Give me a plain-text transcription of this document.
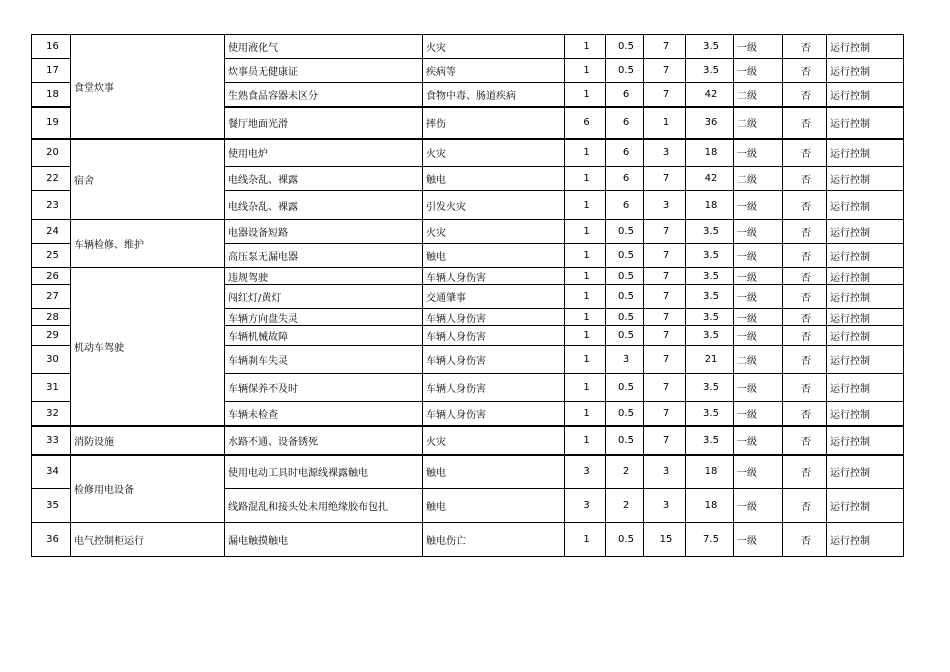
16	食堂炊事	使用液化气	火灾	1	0.5	7	3.5	一级	否	运行控制
17		炊事员无健康证	疾病等	1	0.5	7	3.5	一级	否	运行控制
18		生熟食品容器未区分	食物中毒、肠道疾病	1	6	7	42	二级	否	运行控制
19		餐厅地面光滑	摔伤	6	6	1	36	二级	否	运行控制
20	宿舍	使用电炉	火灾	1	6	3	18	一级	否	运行控制
22		电线杂乱、裸露	触电	1	6	7	42	二级	否	运行控制
23		电线杂乱、裸露	引发火灾	1	6	3	18	一级	否	运行控制
24	车辆检修、维护	电器设备短路	火灾	1	0.5	7	3.5	一级	否	运行控制
25		高压泵无漏电器	触电	1	0.5	7	3.5	一级	否	运行控制
26	机动车驾驶	违规驾驶	车辆人身伤害	1	0.5	7	3.5	一级	否	运行控制
27		闯红灯/黄灯	交通肇事	1	0.5	7	3.5	一级	否	运行控制
28		车辆方向盘失灵	车辆人身伤害	1	0.5	7	3.5	一级	否	运行控制
29		车辆机械故障	车辆人身伤害	1	0.5	7	3.5	一级	否	运行控制
30		车辆刹车失灵	车辆人身伤害	1	3	7	21	二级	否	运行控制
31		车辆保养不及时	车辆人身伤害	1	0.5	7	3.5	一级	否	运行控制
32		车辆未检查	车辆人身伤害	1	0.5	7	3.5	一级	否	运行控制
33	消防设施	水路不通、设备锈死	火灾	1	0.5	7	3.5	一级	否	运行控制
34	检修用电设备	使用电动工具时电源线裸露触电	触电	3	2	3	18	一级	否	运行控制
35		线路混乱和接头处未用绝缘胶布包扎	触电	3	2	3	18	一级	否	运行控制
36	电气控制柜运行	漏电触摸触电	触电伤亡	1	0.5	15	7.5	一级	否	运行控制
